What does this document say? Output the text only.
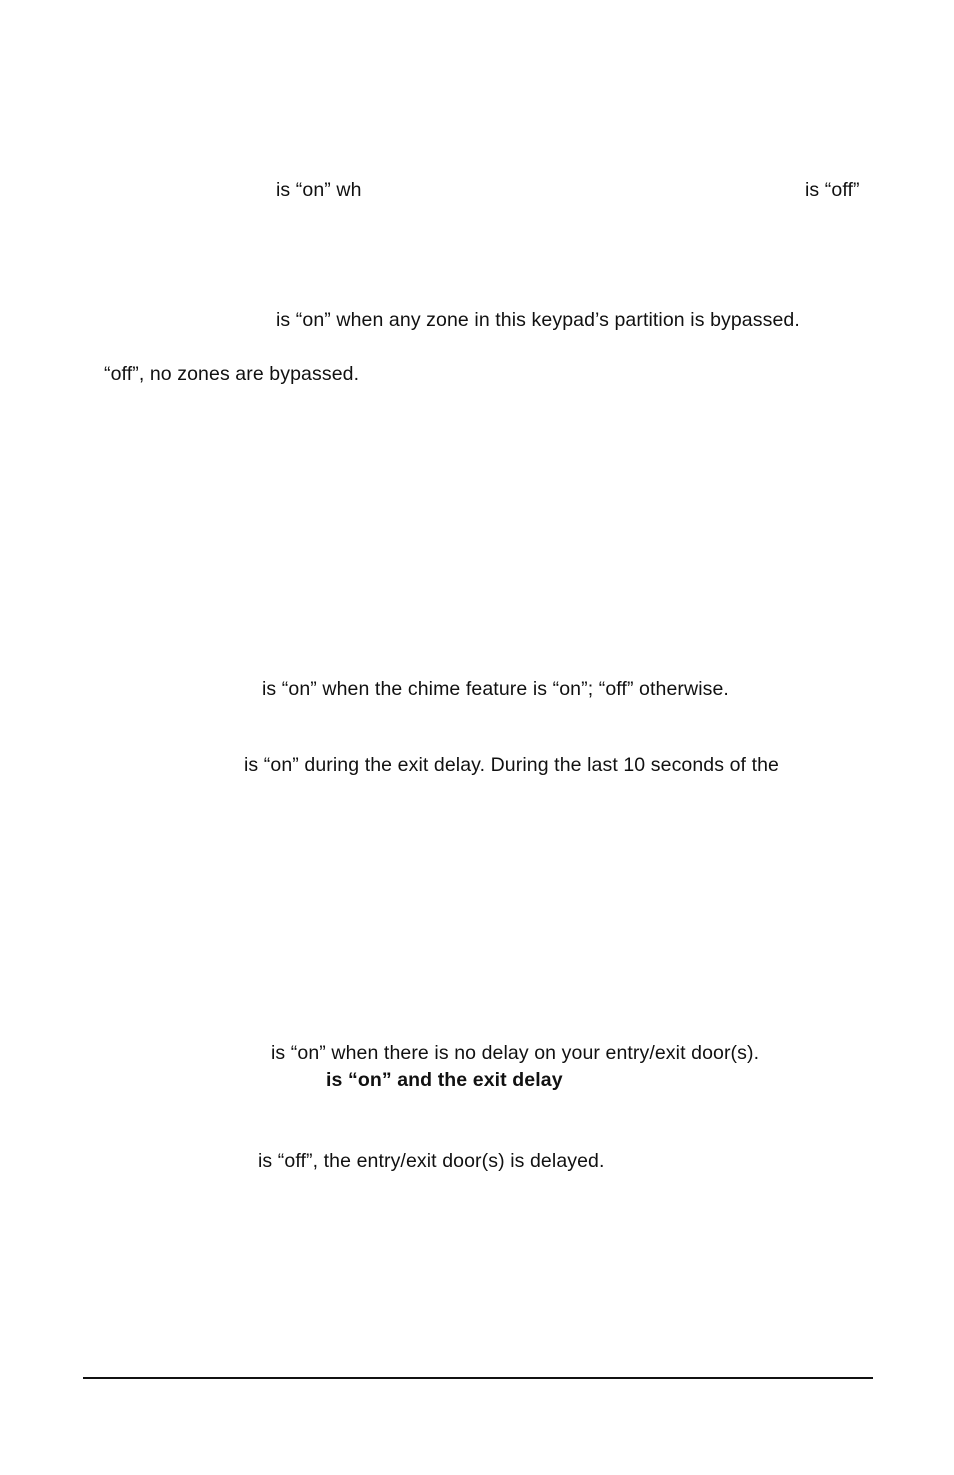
is “on” wh	is “off”
is “on” when any zone in this keypad’s partition is bypassed.
“off”, no zones are bypassed.
is “on” when the chime feature is “on”; “off” otherwise.
is “on” during the exit delay. During the last 10 seconds of the
is “on” when there is no delay on your entry/exit door(s).
is “on” and the exit delay
is “off”, the entry/exit door(s) is delayed.
